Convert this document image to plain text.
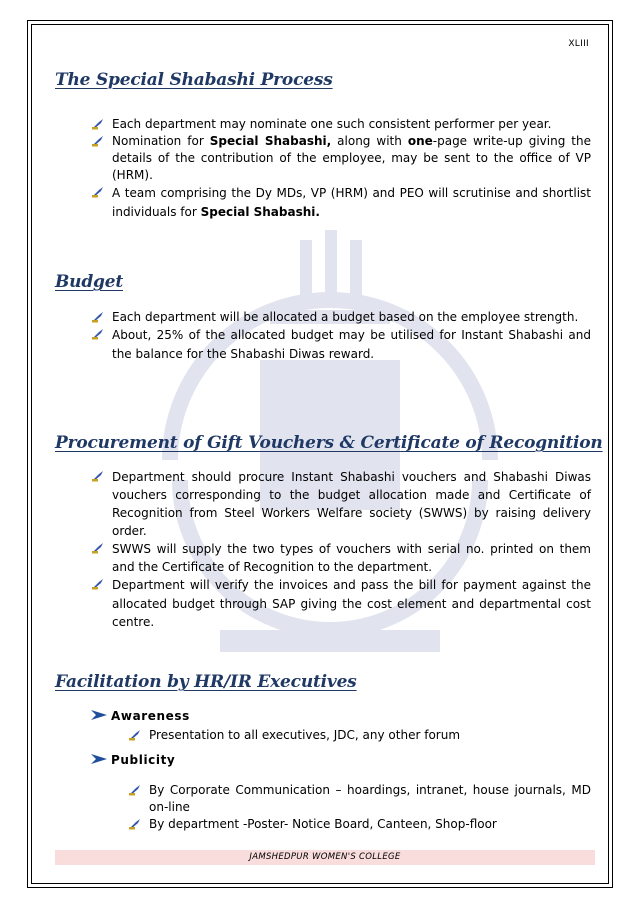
XLIII
The Special Shabashi Process
Each department may nominate one such consistent performer per year.
Nomination for Special Shabashi, along with one-page write-up giving the details of the contribution of the employee, may be sent to the office of VP (HRM).
A team comprising the Dy MDs, VP (HRM) and PEO will scrutinise and shortlist individuals for Special Shabashi.
Budget
Each department will be allocated a budget based on the employee strength.
About, 25% of the allocated budget may be utilised for Instant Shabashi and the balance for the Shabashi Diwas reward.
Procurement of Gift Vouchers & Certificate of Recognition
Department should procure Instant Shabashi vouchers and Shabashi Diwas vouchers corresponding to the budget allocation made and Certificate of Recognition from Steel Workers Welfare society (SWWS) by raising delivery order.
SWWS will supply the two types of vouchers with serial no. printed on them and the Certificate of Recognition to the department.
Department will verify the invoices and pass the bill for payment against the allocated budget through SAP giving the cost element and departmental cost centre.
Facilitation by HR/IR Executives
Awareness
Presentation to all executives, JDC, any other forum
Publicity
By Corporate Communication – hoardings, intranet, house journals, MD on-line
By department -Poster- Notice Board, Canteen, Shop-floor
JAMSHEDPUR WOMEN'S COLLEGE
